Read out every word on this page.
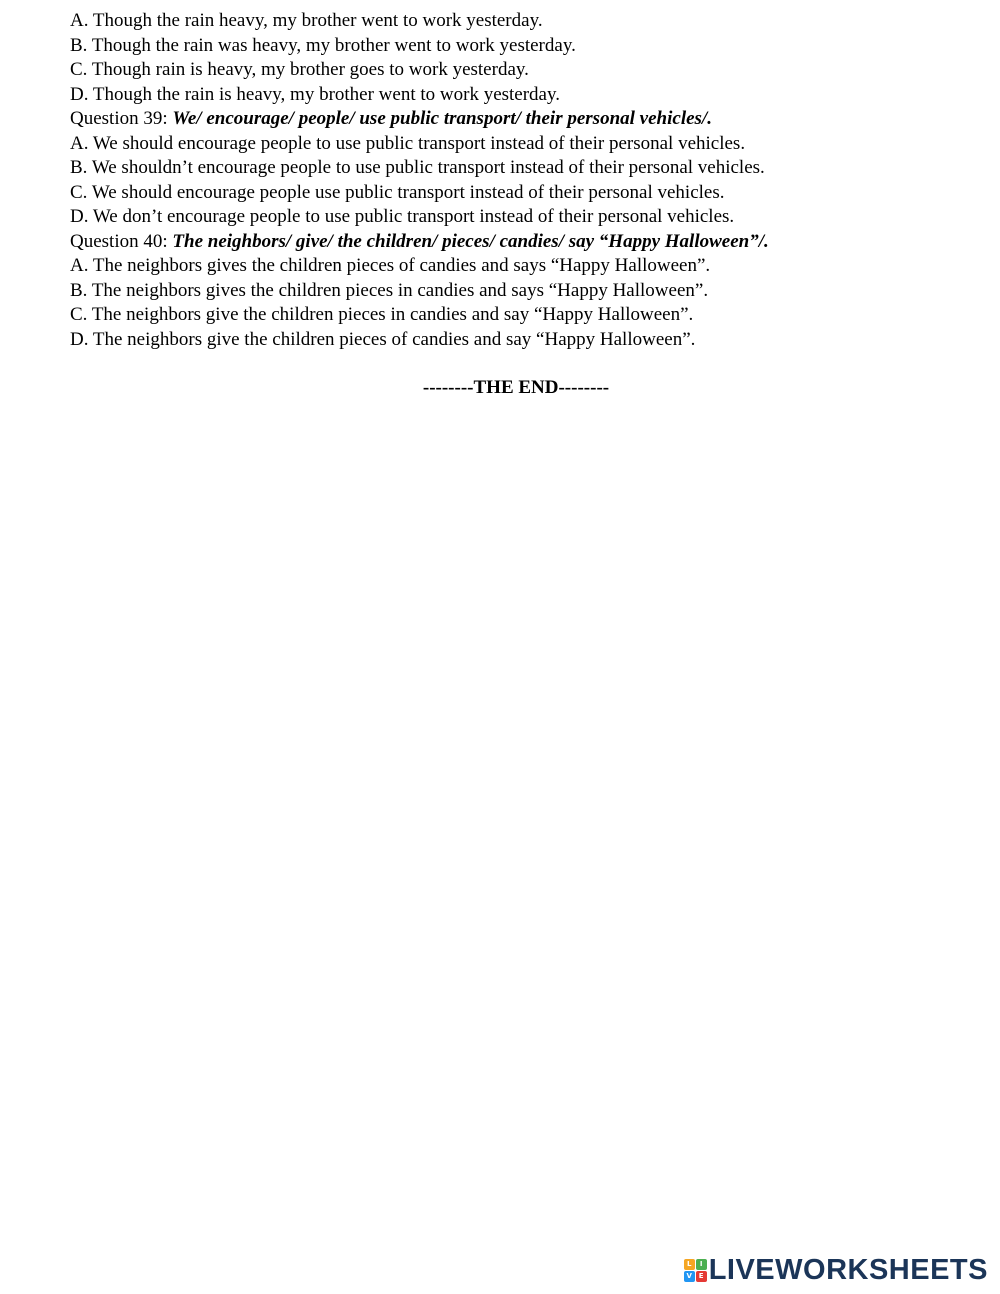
A. Though the rain heavy, my brother went to work yesterday.
B. Though the rain was heavy, my brother went to work yesterday.
C. Though rain is heavy, my brother goes to work yesterday.
D. Though the rain is heavy, my brother went to work yesterday.
Question 39: We/ encourage/ people/ use public transport/ their personal vehicles/.
A. We should encourage people to use public transport instead of their personal vehicles.
B. We shouldn’t encourage people to use public transport instead of their personal vehicles.
C. We should encourage people use public transport instead of their personal vehicles.
D. We don’t encourage people to use public transport instead of their personal vehicles.
Question 40: The neighbors/ give/ the children/ pieces/ candies/ say “Happy Halloween”/.
A. The neighbors gives the children pieces of candies and says “Happy Halloween”.
B. The neighbors gives the children pieces in candies and says “Happy Halloween”.
C. The neighbors give the children pieces in candies and say “Happy Halloween”.
D. The neighbors give the children pieces of candies and say “Happy Halloween”.
--------THE END--------
L	I
V E LIVEWORKSHEETS
